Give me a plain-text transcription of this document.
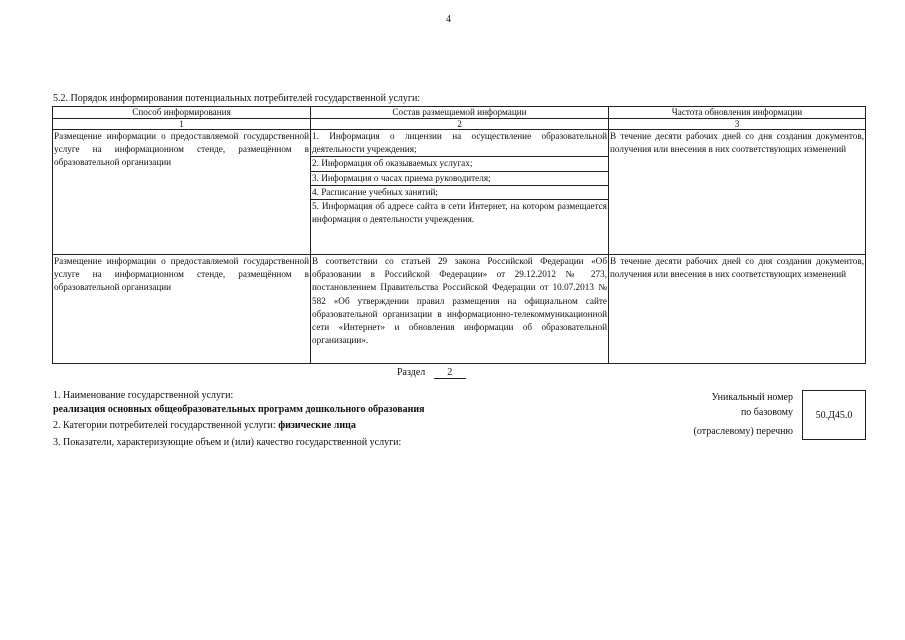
4
5.2. Порядок информирования потенциальных потребителей государственной услуги:
Способ информирования	Состав размещаемой информации	Частота обновления информации
1	2	3
Размещение информации о предоставляемой государственной услуге на информационном стенде, размещённом в образовательной организации	1. Информация о лицензии на осуществление образовательной деятельности учреждения;
2. Информация об оказываемых услугах;
3. Информация о часах приема руководителя;
4. Расписание учебных занятий;
5. Информация об адресе сайта в сети Интернет, на котором размещается информация о деятельности учреждения.	В течение десяти рабочих дней со дня создания документов, получения или внесения в них соответствующих изменений
Размещение информации о предоставляемой государственной услуге на информационном стенде, размещённом в образовательной организации	В соответствии со статьей 29 закона Российской Федерации «Об образовании в Российской Федерации» от 29.12.2012 № 273, постановлением Правительства Российской Федерации от 10.07.2013 № 582 «Об утверждении правил размещения на официальном сайте образовательной организации в информационно-телекоммуникационной сети «Интернет» и обновления информации об образовательной организации».	В течение десяти рабочих дней со дня создания документов, получения или внесения в них соответствующих изменений
Раздел 2
1. Наименование государственной услуги:
реализация основных общеобразовательных программ дошкольного образования
2. Категории потребителей государственной услуги: физические лица
3. Показатели, характеризующие объем и (или) качество государственной услуги:
Уникальный номер
по базовому
(отраслевому) перечню
50.Д45.0
